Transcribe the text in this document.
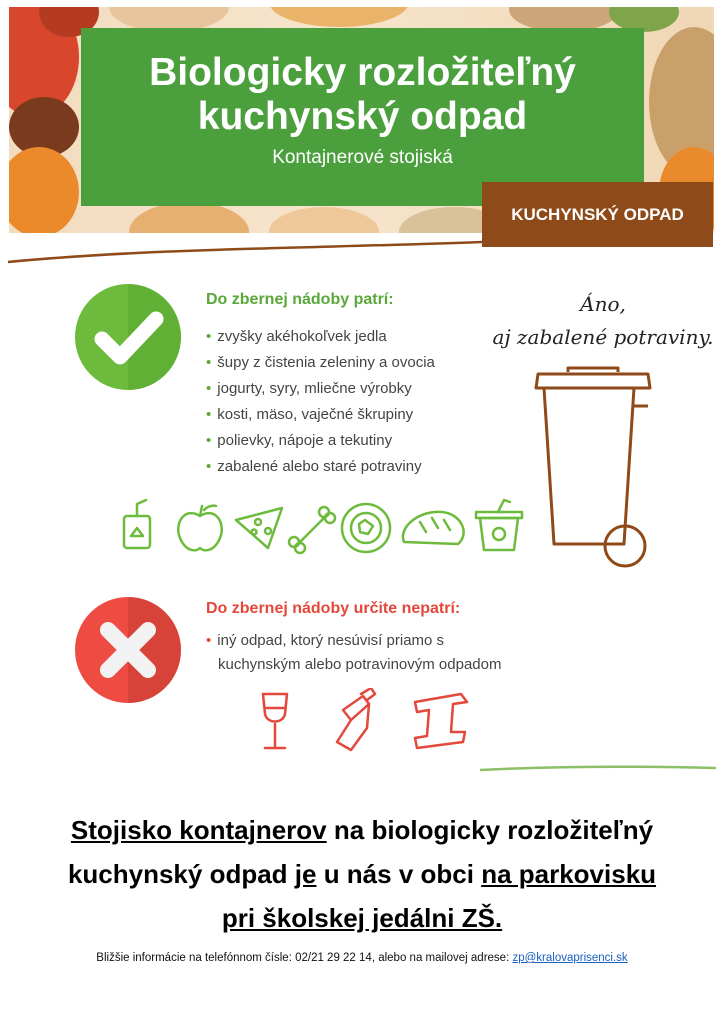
Biologicky rozložiteľný
kuchynský odpad
Kontajnerové stojiská
KUCHYNSKÝ ODPAD
Do zbernej nádoby patrí:
• zvyšky akéhokoľvek jedla
• šupy z čistenia zeleniny a ovocia
• jogurty, syry, mliečne výrobky
• kosti, mäso, vaječné škrupiny
• polievky, nápoje a tekutiny
• zabalené alebo staré potraviny
Áno,
aj zabalené potraviny.
Do zbernej nádoby určite nepatrí:
• iný odpad, ktorý nesúvisí priamo s
kuchynským alebo potravinovým odpadom
Stojisko kontajnerov na biologicky rozložiteľný
kuchynský odpad je u nás v obci na parkovisku
pri školskej jedálni ZŠ.
Bližšie informácie na telefónnom čísle: 02/21 29 22 14, alebo na mailovej adrese: zp@kralovaprisenci.sk
